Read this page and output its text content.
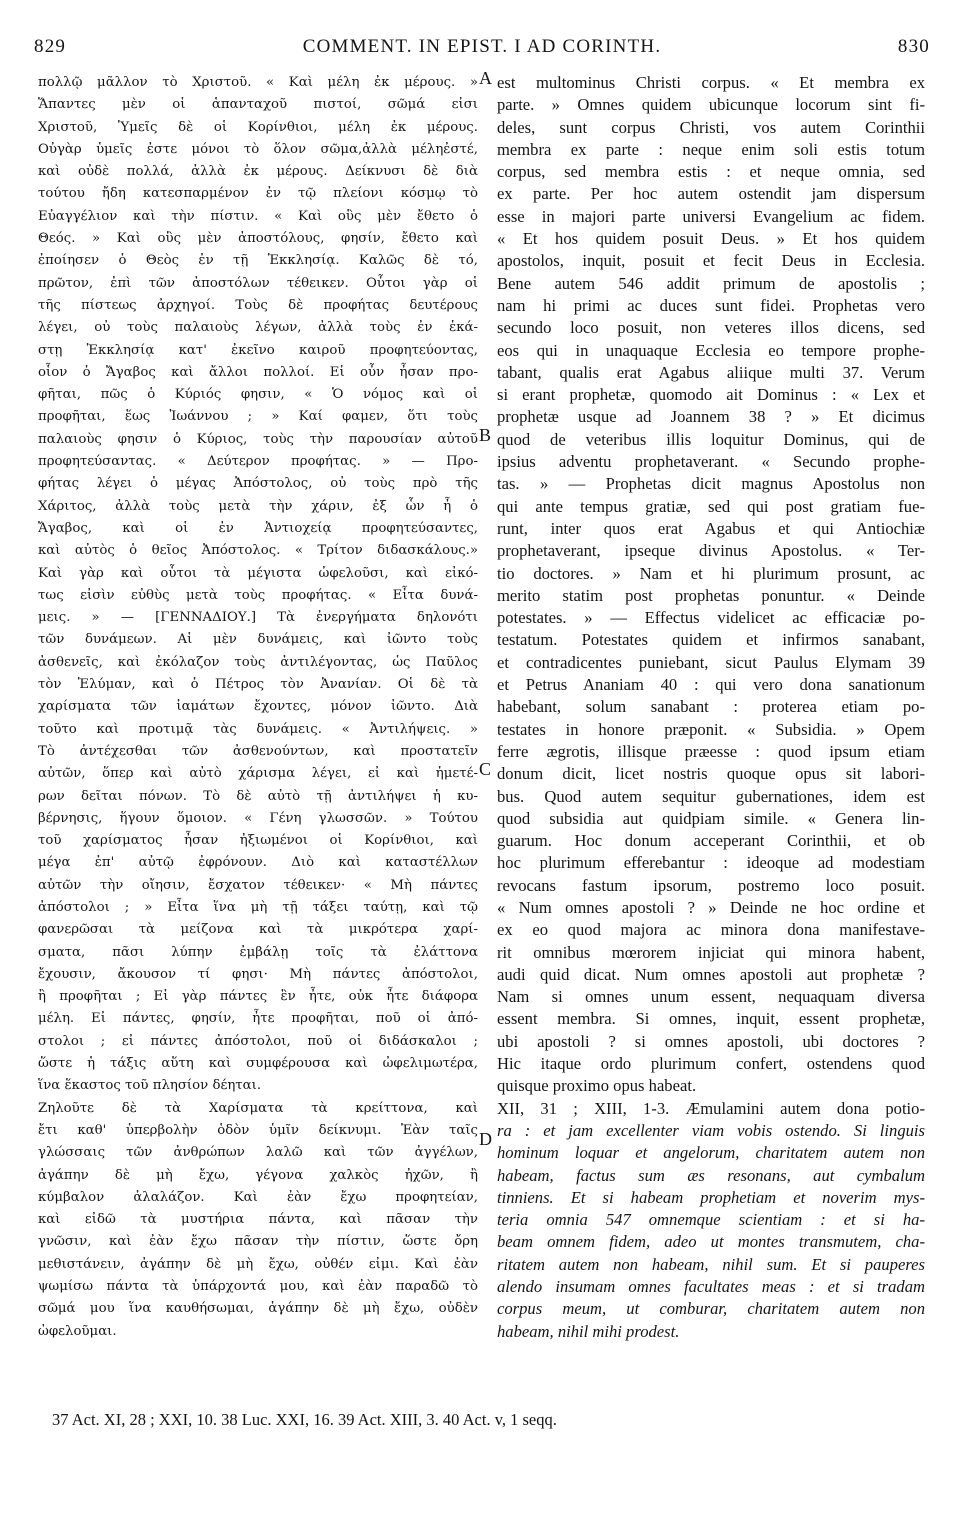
829	COMMENT. IN EPIST. I AD CORINTH.	830
πολλῷ μᾶλλον τὸ Χριστοῦ. « Καὶ μέλη ἐκ μέρους. »
Ἅπαντες μὲν οἱ ἁπανταχοῦ πιστοί, σῶμά εἰσι
Χριστοῦ, Ὑμεῖς δὲ οἱ Κορίνθιοι, μέλη ἐκ μέρους.
Οὐγὰρ ὑμεῖς ἐστε μόνοι τὸ ὅλον σῶμα,ἀλλὰ μέληἐστέ,
καὶ οὐδὲ πολλά, ἀλλὰ ἐκ μέρους. Δείκνυσι δὲ διὰ
τούτου ἤδη κατεσπαρμένον ἐν τῷ πλείονι κόσμῳ τὸ
Εὐαγγέλιον καὶ τὴν πίστιν. « Καὶ οὓς μὲν ἔθετο ὁ
Θεός. » Καὶ οὓς μὲν ἀποστόλους, φησίν, ἔθετο καὶ
ἐποίησεν ὁ Θεὸς ἐν τῇ Ἐκκλησίᾳ. Καλῶς δὲ τό,
πρῶτον, ἐπὶ τῶν ἀποστόλων τέθεικεν. Οὗτοι γὰρ οἱ
τῆς πίστεως ἀρχηγοί. Τοὺς δὲ προφήτας δευτέρους
λέγει, οὐ τοὺς παλαιοὺς λέγων, ἀλλὰ τοὺς ἐν ἑκά-
στῃ Ἐκκλησίᾳ κατ' ἐκεῖνο καιροῦ προφητεύοντας,
οἷον ὁ Ἄγαβος καὶ ἄλλοι πολλοί. Εἰ οὖν ἦσαν προ-
φῆται, πῶς ὁ Κύριός φησιν, « Ὁ νόμος καὶ οἱ
προφῆται, ἕως Ἰωάννου ; » Καί φαμεν, ὅτι τοὺς
παλαιοὺς φησιν ὁ Κύριος, τοὺς τὴν παρουσίαν αὐτοῦ
προφητεύσαντας. « Δεύτερον προφήτας. » — Προ-
φήτας λέγει ὁ μέγας Ἀπόστολος, οὐ τοὺς πρὸ τῆς
Χάριτος, ἀλλὰ τοὺς μετὰ τὴν χάριν, ἐξ ὧν ἦ ὁ
Ἄγαβος, καὶ οἱ ἐν Ἀντιοχείᾳ προφητεύσαντες,
καὶ αὐτὸς ὁ θεῖος Ἀπόστολος. « Τρίτον διδασκάλους.»
Καὶ γὰρ καὶ οὗτοι τὰ μέγιστα ὠφελοῦσι, καὶ εἰκό-
τως εἰσὶν εὐθὺς μετὰ τοὺς προφήτας. « Εἶτα δυνά-
μεις. » — [ΓΕΝΝΑΔΙΟΥ.] Τὰ ἐνεργήματα δηλονότι
τῶν δυνάμεων. Αἱ μὲν δυνάμεις, καὶ ἰῶντο τοὺς
ἀσθενεῖς, καὶ ἐκόλαζον τοὺς ἀντιλέγοντας, ὡς Παῦλος
τὸν Ἐλύμαν, καὶ ὁ Πέτρος τὸν Ἀνανίαν. Οἱ δὲ τὰ
χαρίσματα τῶν ἰαμάτων ἔχοντες, μόνον ἰῶντο. Διὰ
τοῦτο καὶ προτιμᾷ τὰς δυνάμεις. « Ἀντιλήψεις. »
Τὸ ἀντέχεσθαι τῶν ἀσθενούντων, καὶ προστατεῖν
αὐτῶν, ὅπερ καὶ αὐτὸ χάρισμα λέγει, εἰ καὶ ἡμετέ-
ρων δεῖται πόνων. Τὸ δὲ αὐτὸ τῇ ἀντιλήψει ἡ κυ-
βέρνησις, ἥγουν ὅμοιον. « Γένη γλωσσῶν. » Τούτου
τοῦ χαρίσματος ἦσαν ἠξιωμένοι οἱ Κορίνθιοι, καὶ
μέγα ἐπ' αὐτῷ ἐφρόνουν. Διὸ καὶ καταστέλλων
αὐτῶν τὴν οἴησιν, ἔσχατον τέθεικεν· « Μὴ πάντες
ἀπόστολοι ; » Εἶτα ἵνα μὴ τῇ τάξει ταύτῃ, καὶ τῷ
φανερῶσαι τὰ μείζονα καὶ τὰ μικρότερα χαρί-
σματα, πᾶσι λύπην ἐμβάλῃ τοῖς τὰ ἐλάττονα
ἔχουσιν, ἄκουσον τί φησι· Μὴ πάντες ἀπόστολοι,
ἢ προφῆται ; Εἰ γὰρ πάντες ἓν ἦτε, οὐκ ἦτε διάφορα
μέλη. Εἰ πάντες, φησίν, ἦτε προφῆται, ποῦ οἱ ἀπό-
στολοι ; εἰ πάντες ἀπόστολοι, ποῦ οἱ διδάσκαλοι ;
ὥστε ἡ τάξις αὕτη καὶ συμφέρουσα καὶ ὠφελιμωτέρα,
ἵνα ἕκαστος τοῦ πλησίον δέηται.
Ζηλοῦτε δὲ τὰ Χαρίσματα τὰ κρείττονα, καὶ
ἔτι καθ' ὑπερβολὴν ὁδὸν ὑμῖν δείκνυμι. Ἐὰν ταῖς
γλώσσαις τῶν ἀνθρώπων λαλῶ καὶ τῶν ἀγγέλων,
ἀγάπην δὲ μὴ ἔχω, γέγονα χαλκὸς ἠχῶν, ἢ
κύμβαλον ἀλαλάζον. Καὶ ἐὰν ἔχω προφητείαν,
καὶ εἰδῶ τὰ μυστήρια πάντα, καὶ πᾶσαν τὴν
γνῶσιν, καὶ ἐὰν ἔχω πᾶσαν τὴν πίστιν, ὥστε ὄρη
μεθιστάνειν, ἀγάπην δὲ μὴ ἔχω, οὐθέν εἰμι. Καὶ ἐὰν
ψωμίσω πάντα τὰ ὑπάρχοντά μου, καὶ ἐὰν παραδῶ τὸ
σῶμά μου ἵνα καυθήσωμαι, ἀγάπην δὲ μὴ ἔχω, οὐδὲν
ὠφελοῦμαι.
est multominus Christi corpus. « Et membra ex
parte. » Omnes quidem ubicunque locorum sint fi-
deles, sunt corpus Christi, vos autem Corinthii
membra ex parte : neque enim soli estis totum
corpus, sed membra estis : et neque omnia, sed
ex parte. Per hoc autem ostendit jam dispersum
esse in majori parte universi Evangelium ac fidem.
« Et hos quidem posuit Deus. » Et hos quidem
apostolos, inquit, posuit et fecit Deus in Ecclesia.
Bene autem 546 addit primum de apostolis ;
nam hi primi ac duces sunt fidei. Prophetas vero
secundo loco posuit, non veteres illos dicens, sed
eos qui in unaquaque Ecclesia eo tempore prophe-
tabant, qualis erat Agabus aliique multi 37. Verum
si erant prophetæ, quomodo ait Dominus : « Lex et
prophetæ usque ad Joannem 38 ? » Et dicimus
quod de veteribus illis loquitur Dominus, qui de
ipsius adventu prophetaverant. « Secundo prophe-
tas. » — Prophetas dicit magnus Apostolus non
qui ante tempus gratiæ, sed qui post gratiam fue-
runt, inter quos erat Agabus et qui Antiochiæ
prophetaverant, ipseque divinus Apostolus. « Ter-
tio doctores. » Nam et hi plurimum prosunt, ac
merito statim post prophetas ponuntur. « Deinde
potestates. » — Effectus videlicet ac efficaciæ po-
testatum. Potestates quidem et infirmos sanabant,
et contradicentes puniebant, sicut Paulus Elymam 39
et Petrus Ananiam 40 : qui vero dona sanationum
habebant, solum sanabant : proterea etiam po-
testates in honore præponit. « Subsidia. » Opem
ferre ægrotis, illisque præesse : quod ipsum etiam
donum dicit, licet nostris quoque opus sit labori-
bus. Quod autem sequitur gubernationes, idem est
quod subsidia aut quidpiam simile. « Genera lin-
guarum. Hoc donum acceperant Corinthii, et ob
hoc plurimum efferebantur : ideoque ad modestiam
revocans fastum ipsorum, postremo loco posuit.
« Num omnes apostoli ? » Deinde ne hoc ordine et
ex eo quod majora ac minora dona manifestave-
rit omnibus mœrorem injiciat qui minora habent,
audi quid dicat. Num omnes apostoli aut prophetæ ?
Nam si omnes unum essent, nequaquam diversa
essent membra. Si omnes, inquit, essent prophetæ,
ubi apostoli ? si omnes apostoli, ubi doctores ?
Hic itaque ordo plurimum confert, ostendens quod
quisque proximo opus habeat.
XII, 31 ; XIII, 1-3. Æmulamini autem dona potio-
ra : et jam excellenter viam vobis ostendo. Si linguis
hominum loquar et angelorum, charitatem autem non
habeam, factus sum æs resonans, aut cymbalum
tinniens. Et si habeam prophetiam et noverim mys-
teria omnia 547 omnemque scientiam : et si ha-
beam omnem fidem, adeo ut montes transmutem, cha-
ritatem autem non habeam, nihil sum. Et si pauperes
alendo insumam omnes facultates meas : et si tradam
corpus meum, ut comburar, charitatem autem non
habeam, nihil mihi prodest.
A
B
C
D
37 Act. XI, 28 ; XXI, 10. 38 Luc. XXI, 16. 39 Act. XIII, 3. 40 Act. v, 1 seqq.
